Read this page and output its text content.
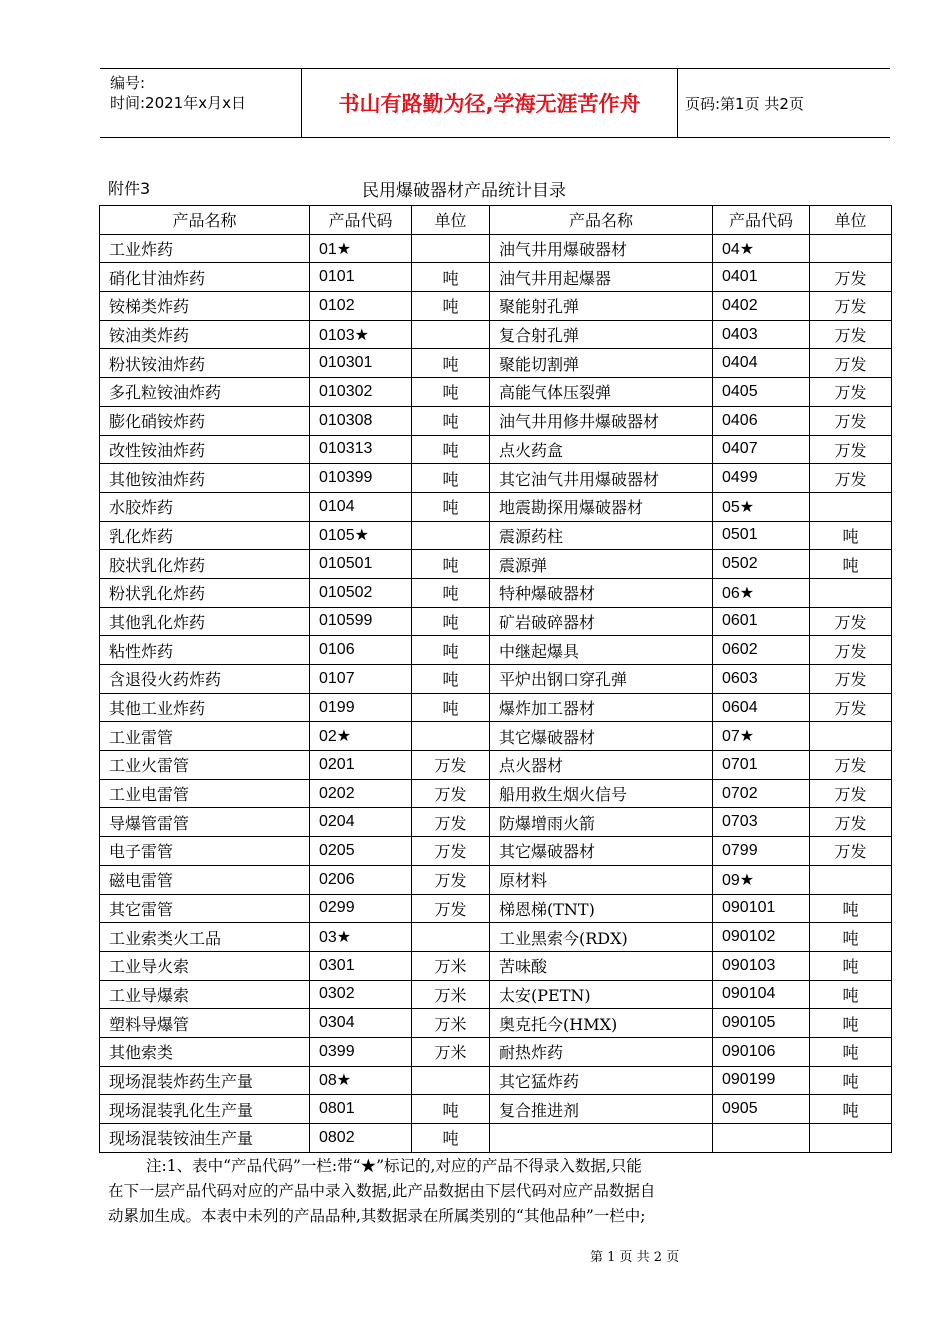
编号:
时间:2021年x月x日	书山有路勤为径,学海无涯苦作舟	页码:第1页 共2页
附件3	民用爆破器材产品统计目录
产品名称	产品代码	单位	产品名称	产品代码	单位
工业炸药	01★		油气井用爆破器材	04★	
硝化甘油炸药	0101	吨	油气井用起爆器	0401	万发
铵梯类炸药	0102	吨	聚能射孔弹	0402	万发
铵油类炸药	0103★		复合射孔弹	0403	万发
粉状铵油炸药	010301	吨	聚能切割弹	0404	万发
多孔粒铵油炸药	010302	吨	高能气体压裂弹	0405	万发
膨化硝铵炸药	010308	吨	油气井用修井爆破器材	0406	万发
改性铵油炸药	010313	吨	点火药盒	0407	万发
其他铵油炸药	010399	吨	其它油气井用爆破器材	0499	万发
水胶炸药	0104	吨	地震勘探用爆破器材	05★	
乳化炸药	0105★		震源药柱	0501	吨
胶状乳化炸药	010501	吨	震源弹	0502	吨
粉状乳化炸药	010502	吨	特种爆破器材	06★	
其他乳化炸药	010599	吨	矿岩破碎器材	0601	万发
粘性炸药	0106	吨	中继起爆具	0602	万发
含退役火药炸药	0107	吨	平炉出钢口穿孔弹	0603	万发
其他工业炸药	0199	吨	爆炸加工器材	0604	万发
工业雷管	02★		其它爆破器材	07★	
工业火雷管	0201	万发	点火器材	0701	万发
工业电雷管	0202	万发	船用救生烟火信号	0702	万发
导爆管雷管	0204	万发	防爆增雨火箭	0703	万发
电子雷管	0205	万发	其它爆破器材	0799	万发
磁电雷管	0206	万发	原材料	09★	
其它雷管	0299	万发	梯恩梯(TNT)	090101	吨
工业索类火工品	03★		工业黑索今(RDX)	090102	吨
工业导火索	0301	万米	苦味酸	090103	吨
工业导爆索	0302	万米	太安(PETN)	090104	吨
塑料导爆管	0304	万米	奥克托今(HMX)	090105	吨
其他索类	0399	万米	耐热炸药	090106	吨
现场混装炸药生产量	08★		其它猛炸药	090199	吨
现场混装乳化生产量	0801	吨	复合推进剂	0905	吨
现场混装铵油生产量	0802	吨			
注:1、表中“产品代码”一栏:带“★”标记的,对应的产品不得录入数据,只能
在下一层产品代码对应的产品中录入数据,此产品数据由下层代码对应产品数据自
动累加生成。本表中未列的产品品种,其数据录在所属类别的“其他品种”一栏中;
第 1 页 共 2 页
